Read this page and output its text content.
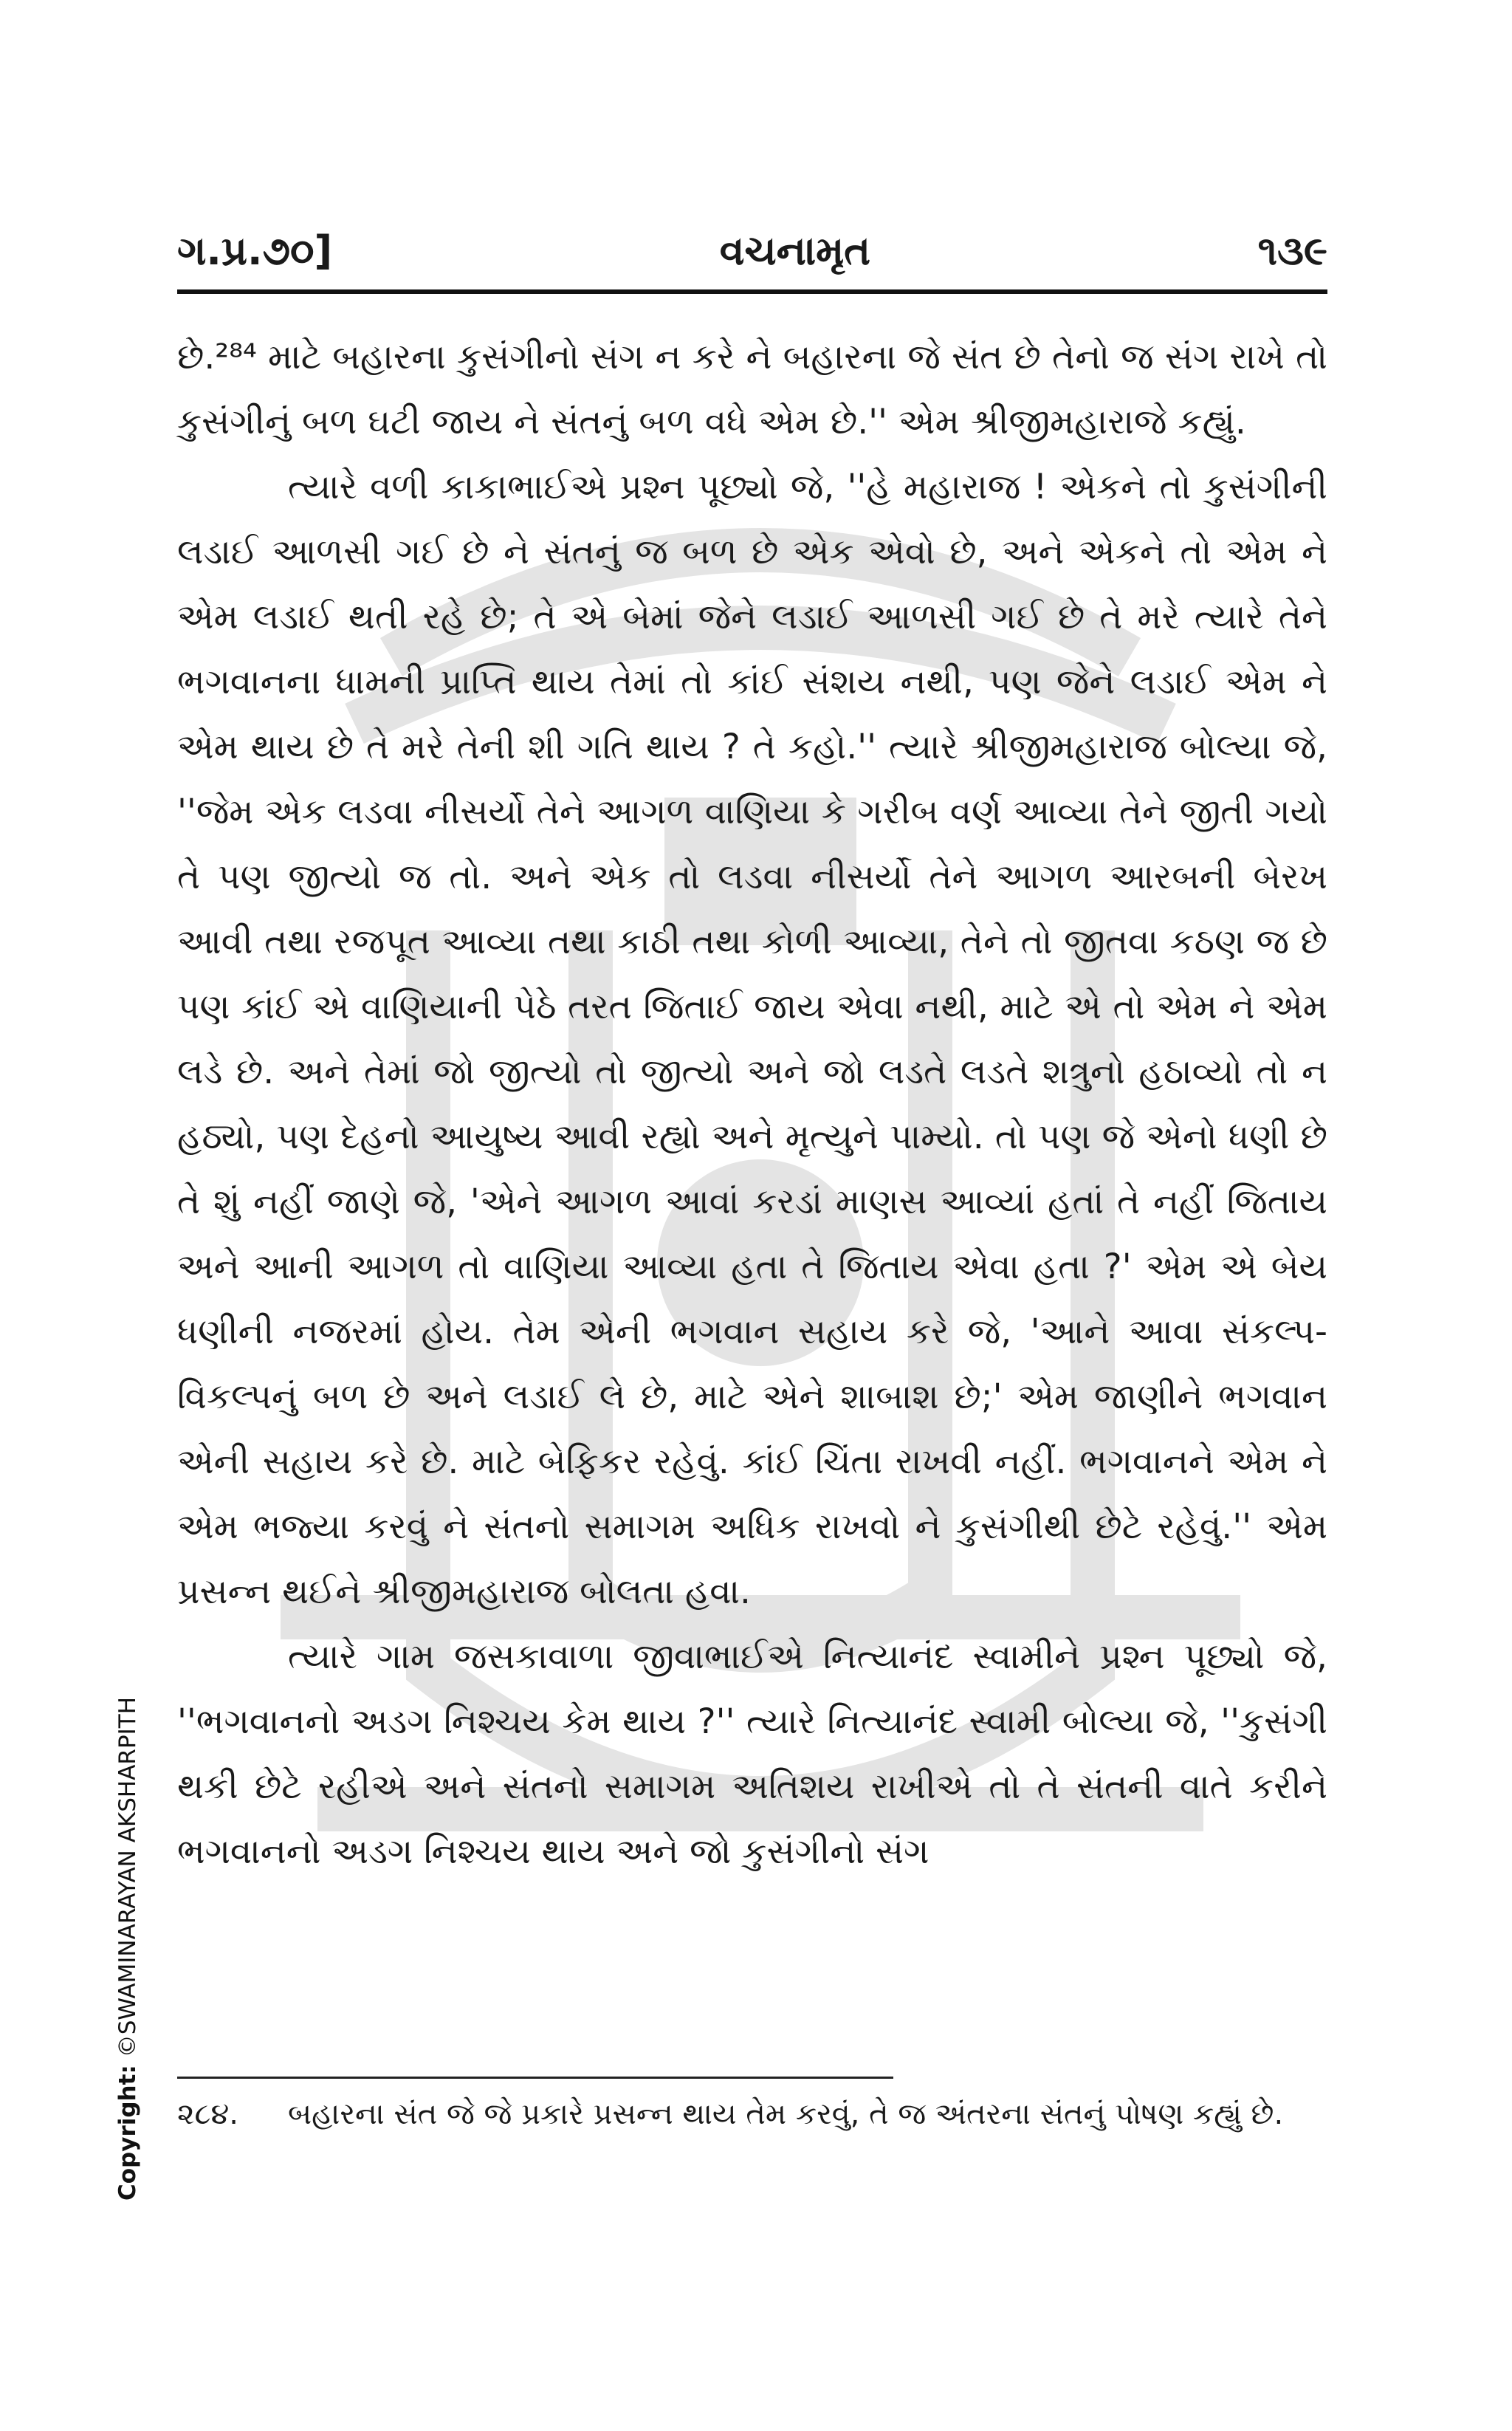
ગ.પ્ર.૭૦]	વચનામૃત	૧૩૯

છે.²⁸⁴ માટે બહારના કુસંગીનો સંગ ન કરે ને બહારના જે સંત છે તેનો જ સંગ રાખે તો કુસંગીનું બળ ઘટી જાય ને સંતનું બળ વધે એમ છે.'' એમ શ્રીજીમહારાજે કહ્યું.

ત્યારે વળી કાકાભાઈએ પ્રશ્ન પૂછ્યો જે, ''હે મહારાજ ! એકને તો કુસંગીની લડાઈ આળસી ગઈ છે ને સંતનું જ બળ છે એક એવો છે, અને એકને તો એમ ને એમ લડાઈ થતી રહે છે; તે એ બેમાં જેને લડાઈ આળસી ગઈ છે તે મરે ત્યારે તેને ભગવાનના ધામની પ્રાપ્તિ થાય તેમાં તો કાંઈ સંશય નથી, પણ જેને લડાઈ એમ ને એમ થાય છે તે મરે તેની શી ગતિ થાય ? તે કહો.'' ત્યારે શ્રીજીમહારાજ બોલ્યા જે, ''જેમ એક લડવા નીસર્યો તેને આગળ વાણિયા કે ગરીબ વર્ણ આવ્યા તેને જીતી ગયો તે પણ જીત્યો જ તો. અને એક તો લડવા નીસર્યો તેને આગળ આરબની બેરખ આવી તથા રજપૂત આવ્યા તથા કાઠી તથા કોળી આવ્યા, તેને તો જીતવા કઠણ જ છે પણ કાંઈ એ વાણિયાની પેઠે તરત જિતાઈ જાય એવા નથી, માટે એ તો એમ ને એમ લડે છે. અને તેમાં જો જીત્યો તો જીત્યો અને જો લડતે લડતે શત્રુનો હઠાવ્યો તો ન હઠ્યો, પણ દેહનો આયુષ્ય આવી રહ્યો અને મૃત્યુને પામ્યો. તો પણ જે એનો ધણી છે તે શું નહીં જાણે જે, 'એને આગળ આવાં કરડાં માણસ આવ્યાં હતાં તે નહીં જિતાય અને આની આગળ તો વાણિયા આવ્યા હતા તે જિતાય એવા હતા ?' એમ એ બેય ધણીની નજરમાં હોય. તેમ એની ભગવાન સહાય કરે જે, 'આને આવા સંકલ્પ-વિકલ્પનું બળ છે અને લડાઈ લે છે, માટે એને શાબાશ છે;' એમ જાણીને ભગવાન એની સહાય કરે છે. માટે બેફિકર રહેવું. કાંઈ ચિંતા રાખવી નહીં. ભગવાનને એમ ને એમ ભજ્યા કરવું ને સંતનો સમાગમ અધિક રાખવો ને કુસંગીથી છેટે રહેવું.'' એમ પ્રસન્ન થઈને શ્રીજીમહારાજ બોલતા હવા.

ત્યારે ગામ જસકાવાળા જીવાભાઈએ નિત્યાનંદ સ્વામીને પ્રશ્ન પૂછ્યો જે, ''ભગવાનનો અડગ નિશ્ચય કેમ થાય ?'' ત્યારે નિત્યાનંદ સ્વામી બોલ્યા જે, ''કુસંગી થકી છેટે રહીએ અને સંતનો સમાગમ અતિશય રાખીએ તો તે સંતની વાતે કરીને ભગવાનનો અડગ નિશ્ચય થાય અને જો કુસંગીનો સંગ

૨૮૪.	બહારના સંત જે જે પ્રકારે પ્રસન્ન થાય તેમ કરવું, તે જ અંતરના સંતનું પોષણ કહ્યું છે.
Copyright: ©SWAMINARAYAN AKSHARPITH
